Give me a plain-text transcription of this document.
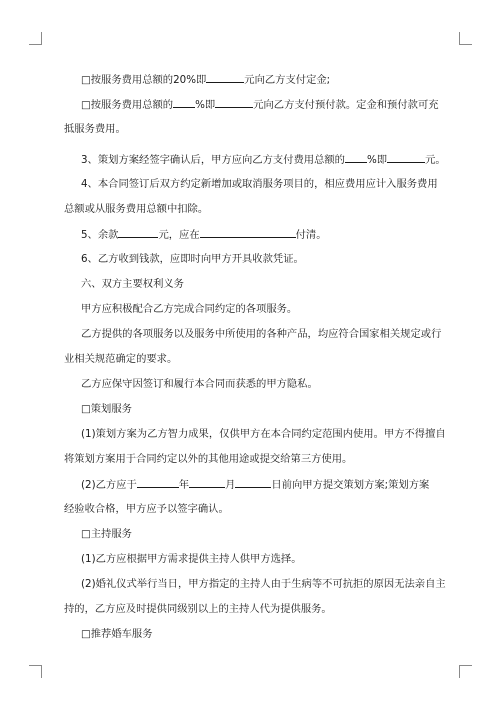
□按服务费用总额的20%即	元向乙方支付定金;
□按服务费用总额的 %即	元向乙方支付预付款。定金和预付款可充
抵服务费用。
3、策划方案经签字确认后，甲方应向乙方支付费用总额的 %即	元。
4、本合同签订后双方约定新增加或取消服务项目的，相应费用应计入服务费用
总额或从服务费用总额中扣除。
5、余款	元，应在	付清。
6、乙方收到钱款，应即时向甲方开具收款凭证。
六、双方主要权利义务
甲方应积极配合乙方完成合同约定的各项服务。
乙方提供的各项服务以及服务中所使用的各种产品，均应符合国家相关规定或行
业相关规范确定的要求。
乙方应保守因签订和履行本合同而获悉的甲方隐私。
□策划服务
(1)策划方案为乙方智力成果，仅供甲方在本合同约定范围内使用。甲方不得擅自
将策划方案用于合同约定以外的其他用途或提交给第三方使用。
(2)乙方应于	年	月	日前向甲方提交策划方案;策划方案
经验收合格，甲方应予以签字确认。
□主持服务
(1)乙方应根据甲方需求提供主持人供甲方选择。
(2)婚礼仪式举行当日，甲方指定的主持人由于生病等不可抗拒的原因无法亲自主
持的，乙方应及时提供同级别以上的主持人代为提供服务。
□推荐婚车服务
